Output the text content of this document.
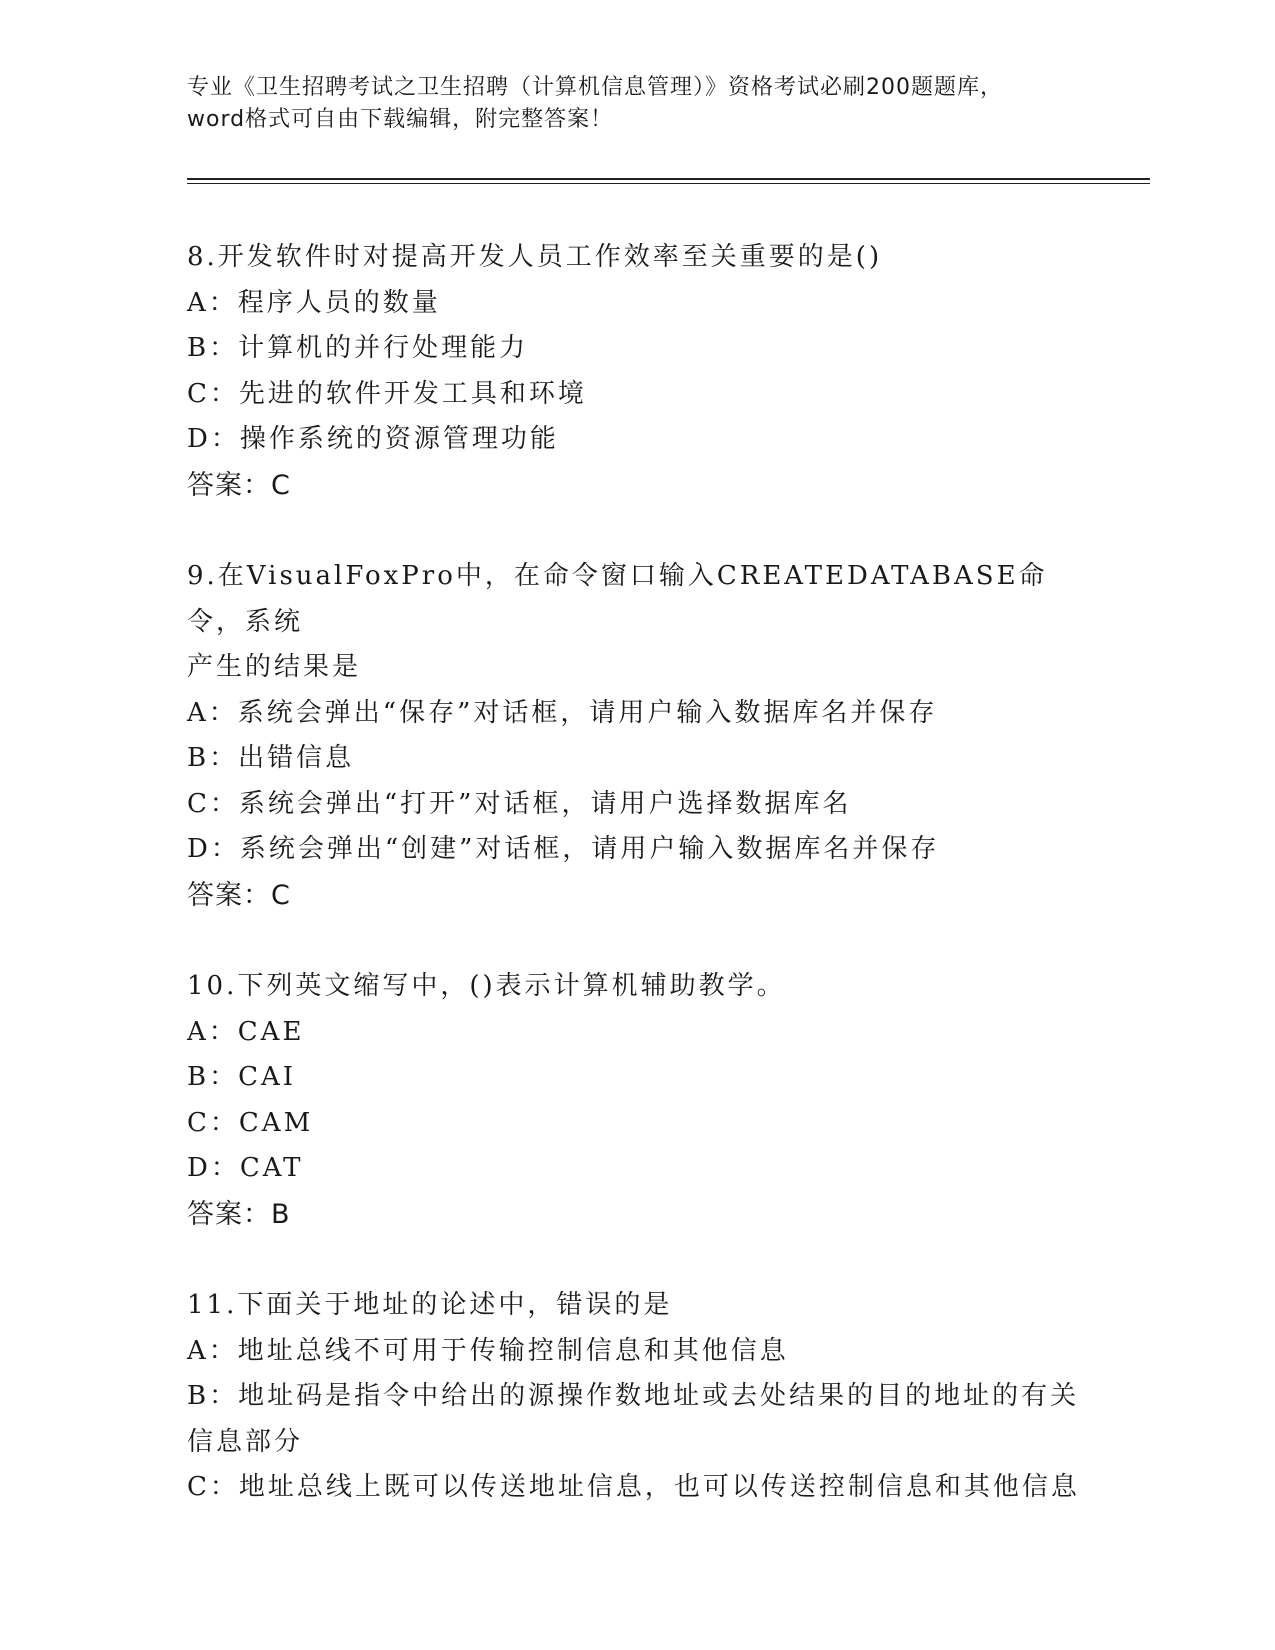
专业《卫生招聘考试之卫生招聘（计算机信息管理）》资格考试必刷200题题库，
word格式可自由下载编辑，附完整答案！
8.开发软件时对提高开发人员工作效率至关重要的是()
A：程序人员的数量
B：计算机的并行处理能力
C：先进的软件开发工具和环境
D：操作系统的资源管理功能
答案：C
9.在VisualFoxPro中，在命令窗口输入CREATEDATABASE命令，系统
产生的结果是
A：系统会弹出“保存”对话框，请用户输入数据库名并保存
B：出错信息
C：系统会弹出“打开”对话框，请用户选择数据库名
D：系统会弹出“创建”对话框，请用户输入数据库名并保存
答案：C
10.下列英文缩写中，()表示计算机辅助教学。
A：CAE
B：CAI
C：CAM
D：CAT
答案：B
11.下面关于地址的论述中，错误的是
A：地址总线不可用于传输控制信息和其他信息
B：地址码是指令中给出的源操作数地址或去处结果的目的地址的有关
信息部分
C：地址总线上既可以传送地址信息，也可以传送控制信息和其他信息
